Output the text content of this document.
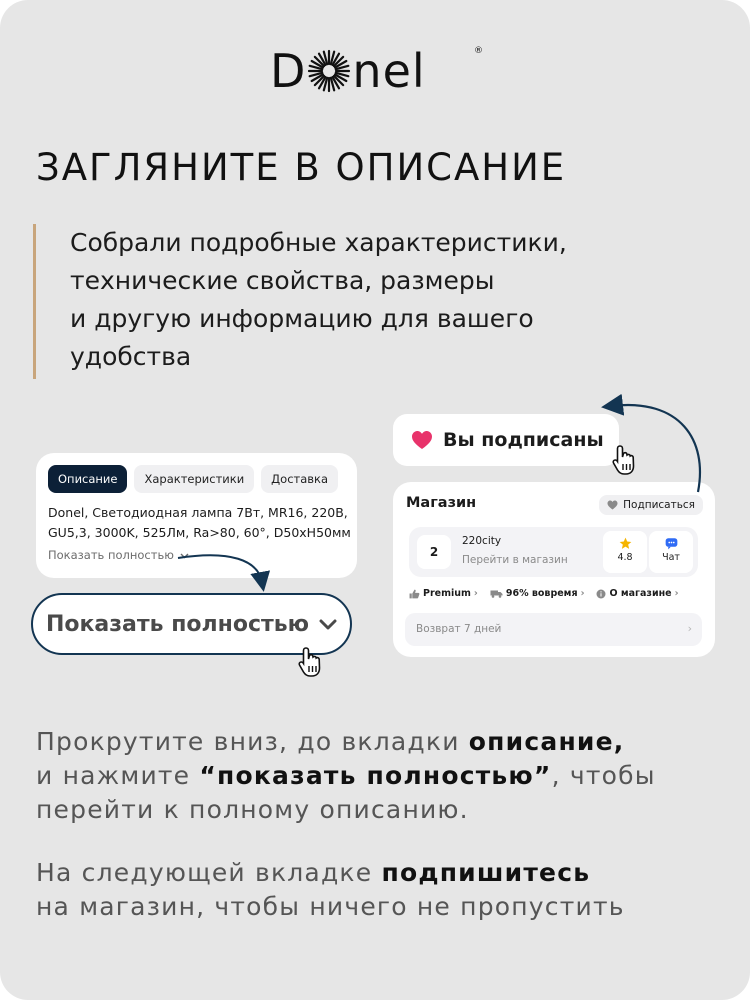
D nel	®
ЗАГЛЯНИТЕ В ОПИСАНИЕ

Собрали подробные характеристики,
технические свойства, размеры
и другую информацию для вашего
удобства

Описание	Характеристики	Доставка

Donel, Светодиодная лампа 7Вт, MR16, 220В,
GU5,3, 3000K, 525Лм, Ra>80, 60°, D50xH50мм

Показать полностью
Показать полностью
Вы подписаны
Магазин	Подписаться
2
220city
Перейти в магазин	4.8	Чат
Premium ›	96% вовремя ›	О магазине ›
Возврат 7 дней	›

Прокрутите вниз, до вкладки описание,
и нажмите “показать полностью”, чтобы
перейти к полному описанию.

На следующей вкладке подпишитесь
на магазин, чтобы ничего не пропустить
